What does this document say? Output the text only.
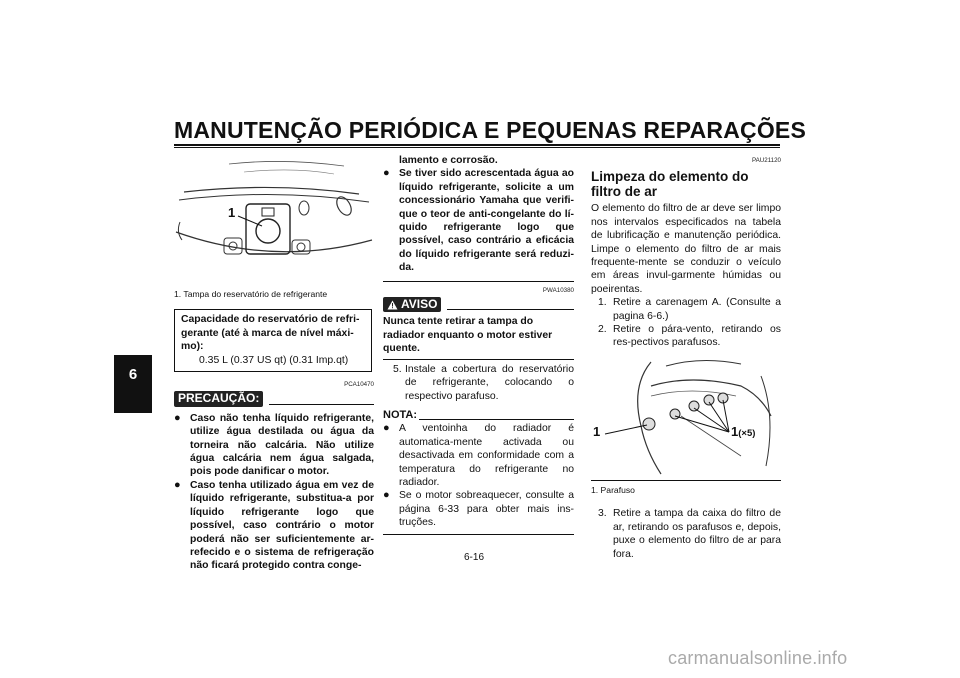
MANUTENÇÃO PERIÓDICA E PEQUENAS REPARAÇÕES
6
1
1. Tampa do reservatório de refrigerante
Capacidade do reservatório de refri-gerante (até à marca de nível máxi-mo):
0.35 L (0.37 US qt) (0.31 Imp.qt)
PCA10470
PRECAUÇÃO:
● Caso não tenha líquido refrigerante, utilize água destilada ou água da torneira não calcária. Não utilize água calcária nem água salgada, pois pode danificar o motor.
● Caso tenha utilizado água em vez de líquido refrigerante, substitua-a por líquido refrigerante logo que possível, caso contrário o motor poderá não ser suficientemente ar-refecido e o sistema de refrigeração não ficará protegido contra conge-
lamento e corrosão.
● Se tiver sido acrescentada água ao líquido refrigerante, solicite a um concessionário Yamaha que verifi-que o teor de anti-congelante do lí-quido refrigerante logo que possível, caso contrário a eficácia do líquido refrigerante será reduzi-da.
PWA10380
AVISO
Nunca tente retirar a tampa do radiador enquanto o motor estiver quente.
5. Instale a cobertura do reservatório de refrigerante, colocando o respectivo parafuso.
NOTA:
● A ventoinha do radiador é automatica-mente activada ou desactivada em conformidade com a temperatura do refrigerante no radiador.
● Se o motor sobreaquecer, consulte a página 6-33 para obter mais ins-truções.
PAU21120
Limpeza do elemento do filtro de ar
O elemento do filtro de ar deve ser limpo nos intervalos especificados na tabela de lubrificação e manutenção periódica. Limpe o elemento do filtro de ar mais frequente-mente se conduzir o veículo em áreas invul-garmente húmidas ou poeirentas.
1. Retire a carenagem A. (Consulte a pagina 6-6.)
2. Retire o pára-vento, retirando os res-pectivos parafusos.
1	1(×5)
1. Parafuso
3. Retire a tampa da caixa do filtro de ar, retirando os parafusos e, depois, puxe o elemento do filtro de ar para fora.
6-16
carmanualsonline.info
